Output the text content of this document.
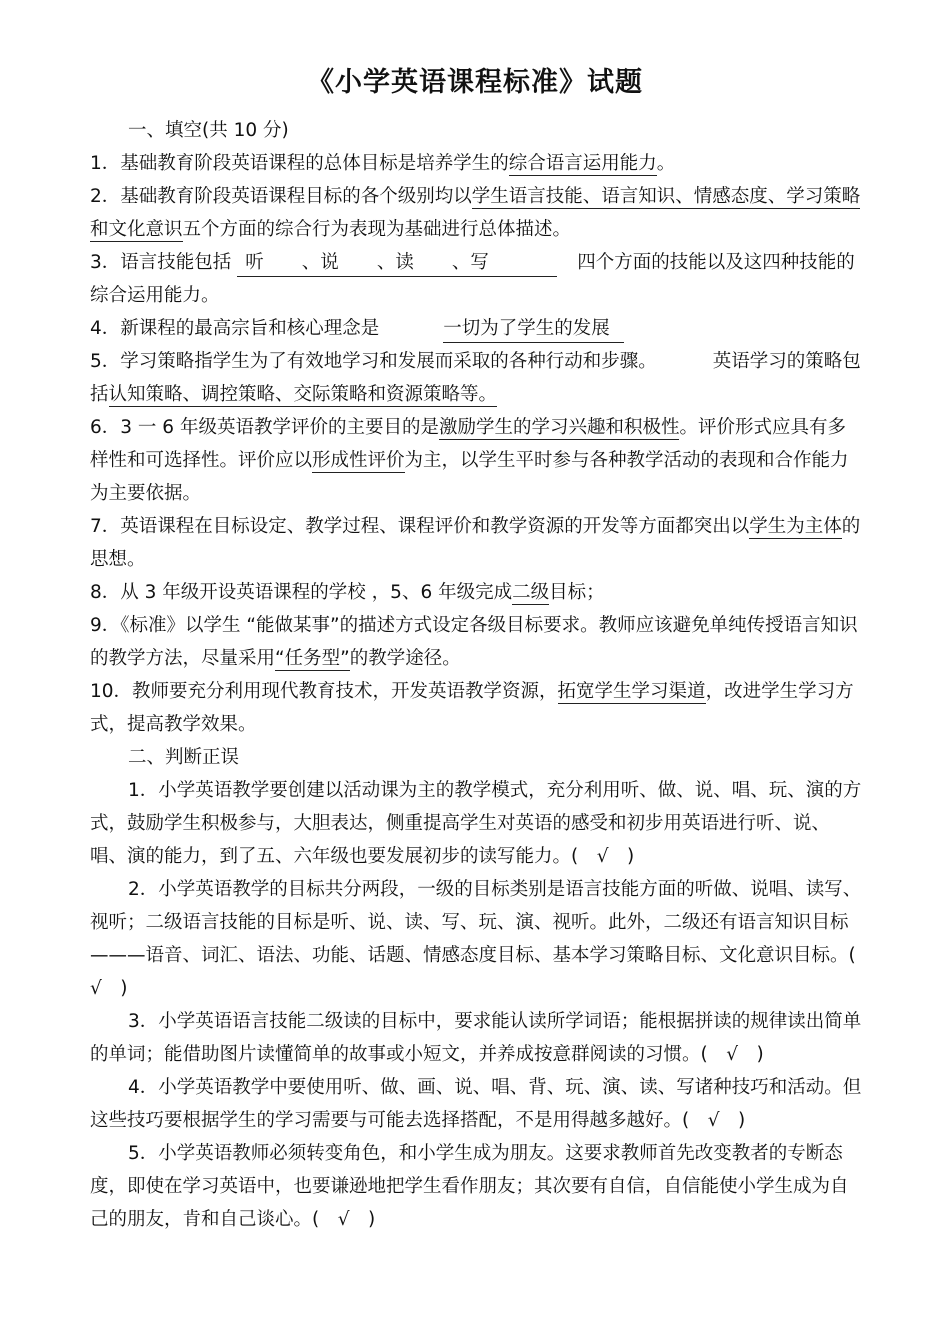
《小学英语课程标准》试题

一、填空(共 10 分)

1．基础教育阶段英语课程的总体目标是培养学生的综合语言运用能力。

2．基础教育阶段英语课程目标的各个级别均以学生语言技能、语言知识、情感态度、学习策略和文化意识五个方面的综合行为表现为基础进行总体描述。

3．语言技能包括 听 、说 、读 、写	四个方面的技能以及这四种技能的综合运用能力。

4．新课程的最高宗旨和核心理念是	一切为了学生的发展

5．学习策略指学生为了有效地学习和发展而采取的各种行动和步骤。	英语学习的策略包括认知策略、调控策略、交际策略和资源策略等。

6．3 一 6 年级英语教学评价的主要目的是激励学生的学习兴趣和积极性。评价形式应具有多样性和可选择性。评价应以形成性评价为主，以学生平时参与各种教学活动的表现和合作能力为主要依据。

7．英语课程在目标设定、教学过程、课程评价和教学资源的开发等方面都突出以学生为主体的思想。

8．从 3 年级开设英语课程的学校 ，5、6 年级完成二级目标；

9．《标准》以学生 “能做某事”的描述方式设定各级目标要求。教师应该避免单纯传授语言知识的教学方法，尽量采用“任务型”的教学途径。

10．教师要充分利用现代教育技术，开发英语教学资源，拓宽学生学习渠道，改进学生学习方式，提高教学效果。

二、判断正误

1．小学英语教学要创建以活动课为主的教学模式，充分利用听、做、说、唱、玩、演的方式，鼓励学生积极参与，大胆表达，侧重提高学生对英语的感受和初步用英语进行听、说、唱、演的能力，到了五、六年级也要发展初步的读写能力。(　√　)

2．小学英语教学的目标共分两段，一级的目标类别是语言技能方面的听做、说唱、读写、视听；二级语言技能的目标是听、说、读、写、玩、演、视听。此外，二级还有语言知识目标———语音、词汇、语法、功能、话题、情感态度目标、基本学习策略目标、文化意识目标。(　√　)

3．小学英语语言技能二级读的目标中，要求能认读所学词语；能根据拼读的规律读出简单的单词；能借助图片读懂简单的故事或小短文，并养成按意群阅读的习惯。(　√　)

4．小学英语教学中要使用听、做、画、说、唱、背、玩、演、读、写诸种技巧和活动。但这些技巧要根据学生的学习需要与可能去选择搭配，不是用得越多越好。(　√　)

5．小学英语教师必须转变角色，和小学生成为朋友。这要求教师首先改变教者的专断态度，即使在学习英语中，也要谦逊地把学生看作朋友；其次要有自信，自信能使小学生成为自己的朋友，肯和自己谈心。(　√　)
